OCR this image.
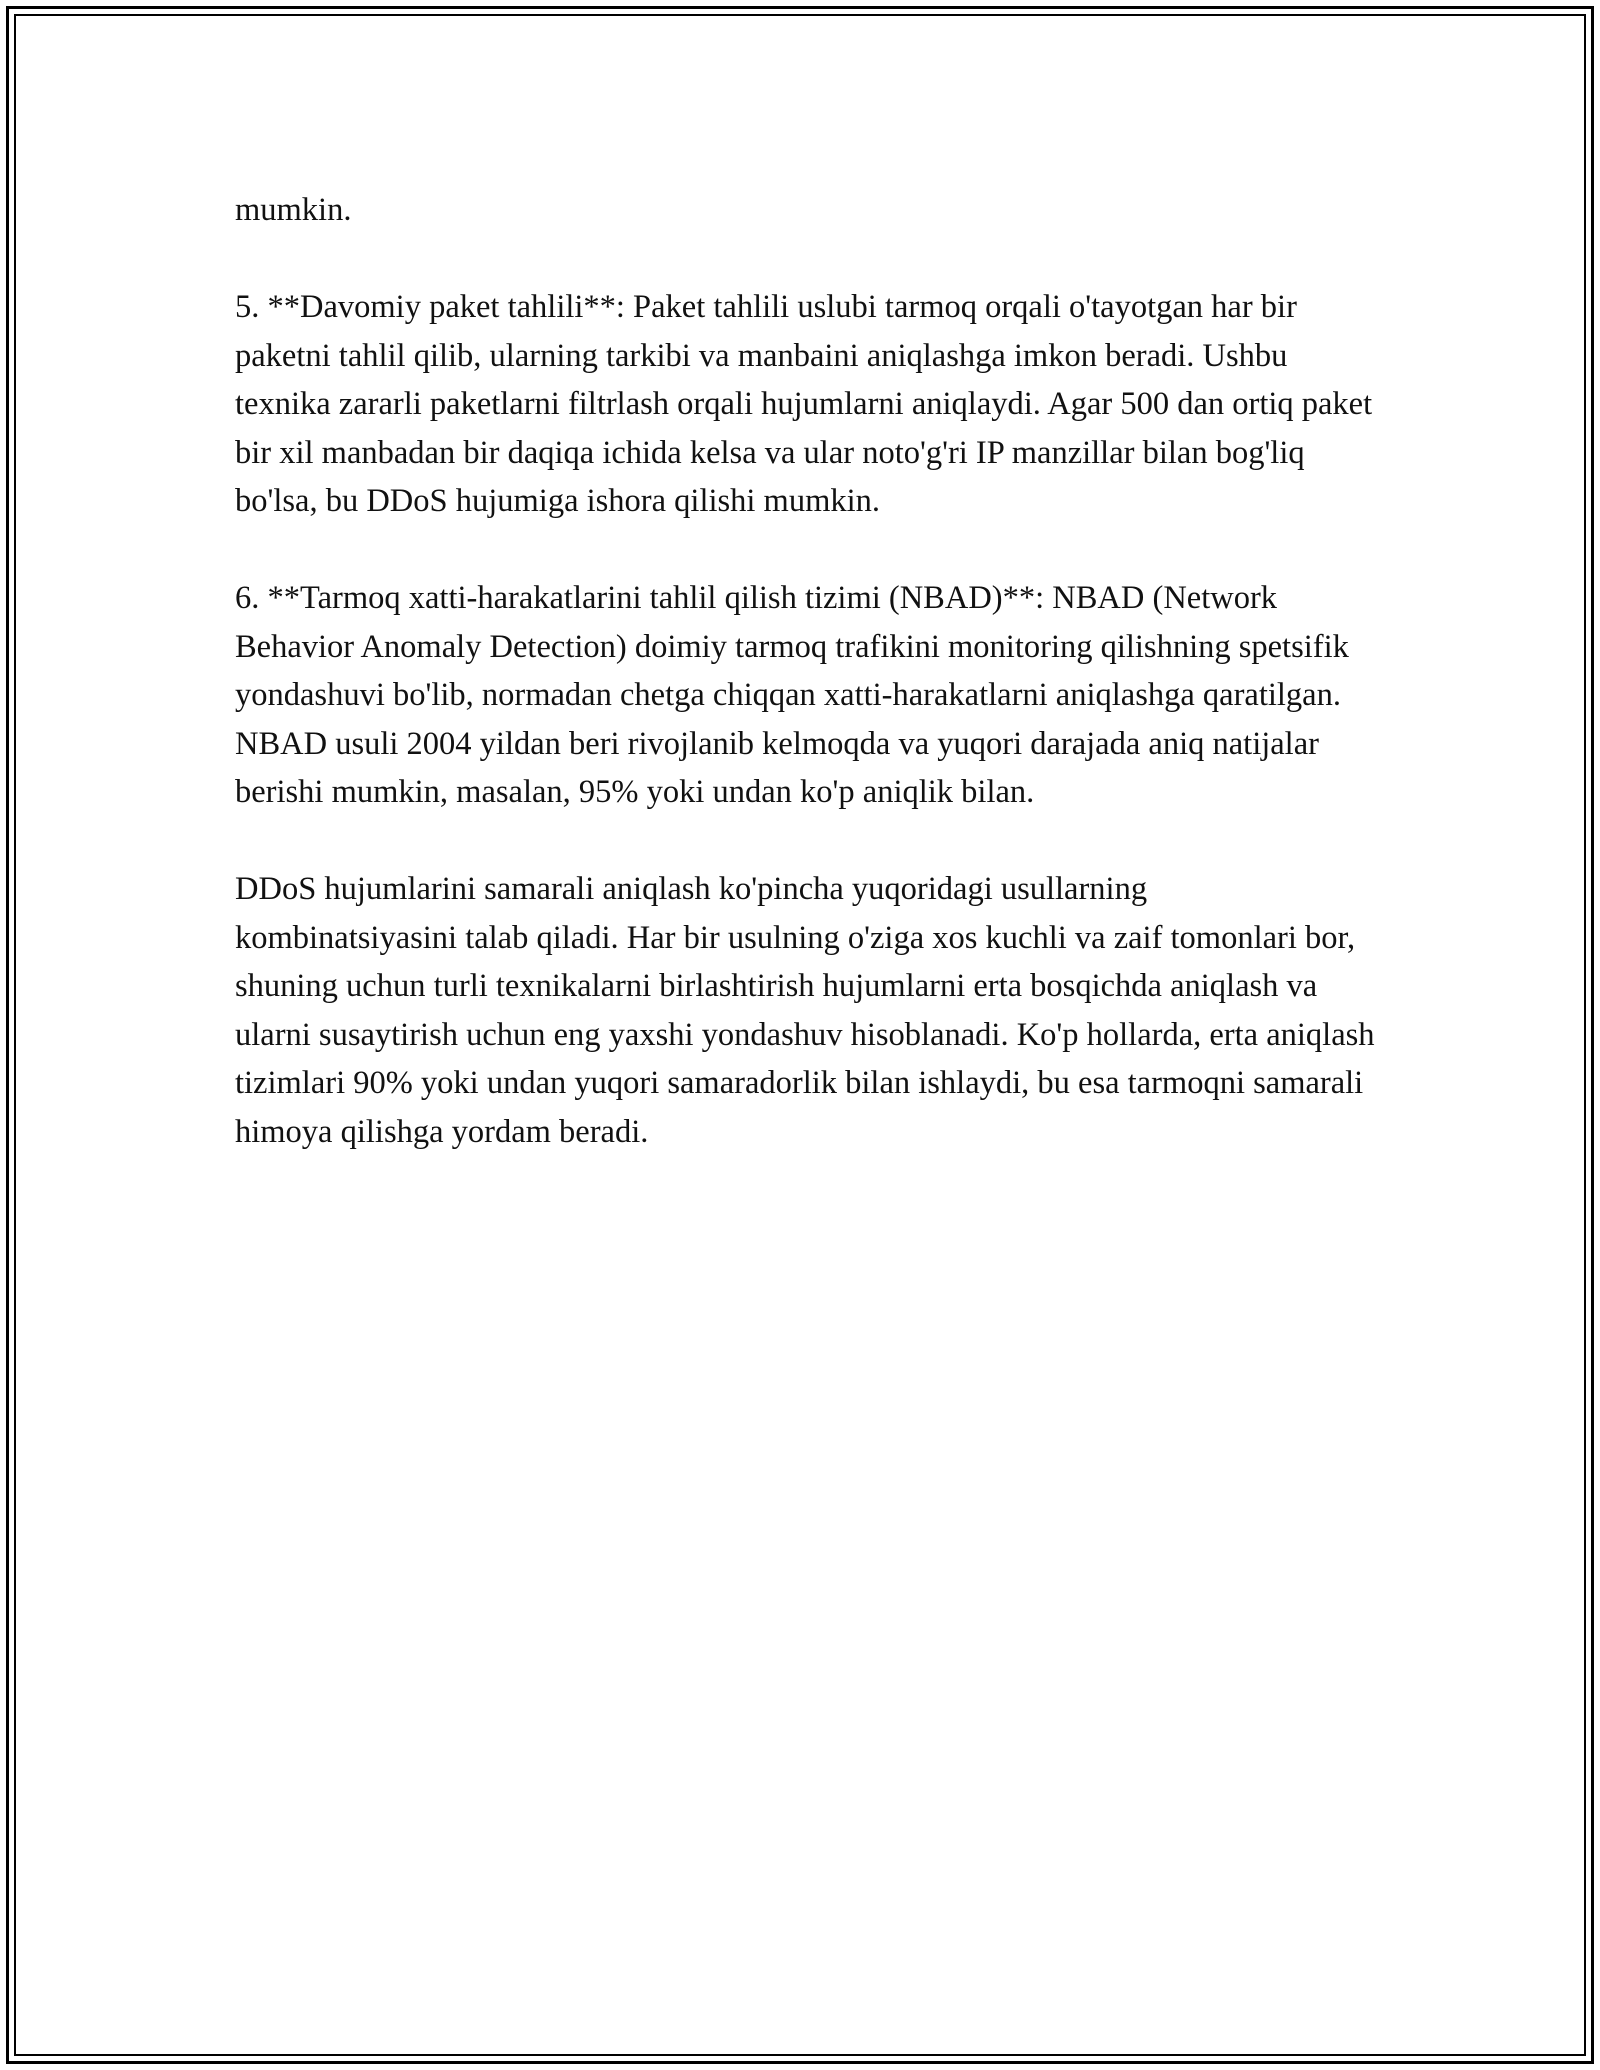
mumkin.

5. **Davomiy paket tahlili**: Paket tahlili uslubi tarmoq orqali o'tayotgan har bir paketni tahlil qilib, ularning tarkibi va manbaini aniqlashga imkon beradi. Ushbu texnika zararli paketlarni filtrlash orqali hujumlarni aniqlaydi. Agar 500 dan ortiq paket bir xil manbadan bir daqiqa ichida kelsa va ular noto'g'ri IP manzillar bilan bog'liq bo'lsa, bu DDoS hujumiga ishora qilishi mumkin.

6. **Tarmoq xatti-harakatlarini tahlil qilish tizimi (NBAD)**: NBAD (Network Behavior Anomaly Detection) doimiy tarmoq trafikini monitoring qilishning spetsifik yondashuvi bo'lib, normadan chetga chiqqan xatti-harakatlarni aniqlashga qaratilgan. NBAD usuli 2004 yildan beri rivojlanib kelmoqda va yuqori darajada aniq natijalar berishi mumkin, masalan, 95% yoki undan ko'p aniqlik bilan.

DDoS hujumlarini samarali aniqlash ko'pincha yuqoridagi usullarning kombinatsiyasini talab qiladi. Har bir usulning o'ziga xos kuchli va zaif tomonlari bor, shuning uchun turli texnikalarni birlashtirish hujumlarni erta bosqichda aniqlash va ularni susaytirish uchun eng yaxshi yondashuv hisoblanadi. Ko'p hollarda, erta aniqlash tizimlari 90% yoki undan yuqori samaradorlik bilan ishlaydi, bu esa tarmoqni samarali himoya qilishga yordam beradi.
